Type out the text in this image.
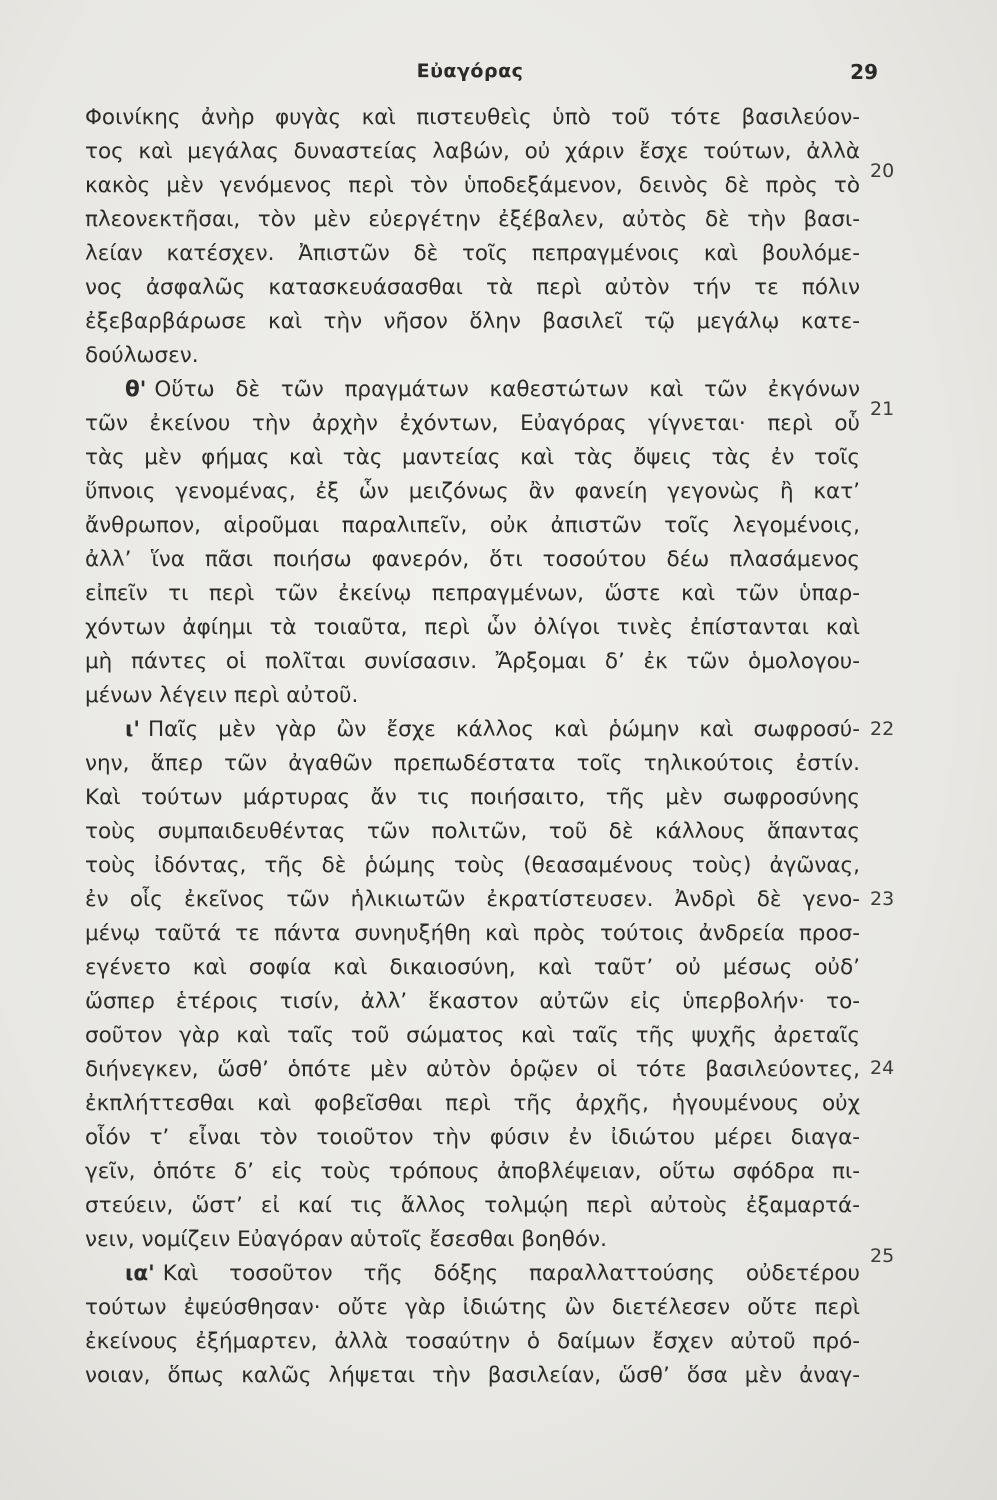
Εὐαγόρας	29
Φοινίκης ἀνὴρ φυγὰς καὶ πιστευθεὶς ὑπὸ τοῦ τότε βασιλεύον-
τος καὶ μεγάλας δυναστείας λαβών, οὐ χάριν ἔσχε τούτων, ἀλλὰ
κακὸς μὲν γενόμενος περὶ τὸν ὑποδεξάμενον, δεινὸς δὲ πρὸς τὸ
πλεονεκτῆσαι, τὸν μὲν εὐεργέτην ἐξέβαλεν, αὐτὸς δὲ τὴν βασι-
λείαν κατέσχεν. Ἀπιστῶν δὲ τοῖς πεπραγμένοις καὶ βουλόμε-
νος ἀσφαλῶς κατασκευάσασθαι τὰ περὶ αὐτὸν τήν τε πόλιν
ἐξεβαρβάρωσε καὶ τὴν νῆσον ὅλην βασιλεῖ τῷ μεγάλῳ κατε-
δούλωσεν.
θ' Οὕτω δὲ τῶν πραγμάτων καθεστώτων καὶ τῶν ἐκγόνων
τῶν ἐκείνου τὴν ἀρχὴν ἐχόντων, Εὐαγόρας γίγνεται· περὶ οὗ
τὰς μὲν φήμας καὶ τὰς μαντείας καὶ τὰς ὄψεις τὰς ἐν τοῖς
ὕπνοις γενομένας, ἐξ ὧν μειζόνως ἂν φανείη γεγονὼς ἢ κατ’
ἄνθρωπον, αἱροῦμαι παραλιπεῖν, οὐκ ἀπιστῶν τοῖς λεγομένοις,
ἀλλ’ ἵνα πᾶσι ποιήσω φανερόν, ὅτι τοσούτου δέω πλασάμενος
εἰπεῖν τι περὶ τῶν ἐκείνῳ πεπραγμένων, ὥστε καὶ τῶν ὑπαρ-
χόντων ἀφίημι τὰ τοιαῦτα, περὶ ὧν ὀλίγοι τινὲς ἐπίστανται καὶ
μὴ πάντες οἱ πολῖται συνίσασιν. Ἄρξομαι δ’ ἐκ τῶν ὁμολογου-
μένων λέγειν περὶ αὐτοῦ.
ι' Παῖς μὲν γὰρ ὢν ἔσχε κάλλος καὶ ῥώμην καὶ σωφροσύ-
νην, ἅπερ τῶν ἀγαθῶν πρεπωδέστατα τοῖς τηλικούτοις ἐστίν.
Καὶ τούτων μάρτυρας ἄν τις ποιήσαιτο, τῆς μὲν σωφροσύνης
τοὺς συμπαιδευθέντας τῶν πολιτῶν, τοῦ δὲ κάλλους ἅπαντας
τοὺς ἰδόντας, τῆς δὲ ῥώμης τοὺς (θεασαμένους τοὺς) ἀγῶνας,
ἐν οἷς ἐκεῖνος τῶν ἡλικιωτῶν ἐκρατίστευσεν. Ἀνδρὶ δὲ γενο-
μένῳ ταῦτά τε πάντα συνηυξήθη καὶ πρὸς τούτοις ἀνδρεία προσ-
εγένετο καὶ σοφία καὶ δικαιοσύνη, καὶ ταῦτ’ οὐ μέσως οὐδ’
ὥσπερ ἑτέροις τισίν, ἀλλ’ ἕκαστον αὐτῶν εἰς ὑπερβολήν· το-
σοῦτον γὰρ καὶ ταῖς τοῦ σώματος καὶ ταῖς τῆς ψυχῆς ἀρεταῖς
διήνεγκεν, ὥσθ’ ὁπότε μὲν αὐτὸν ὁρῷεν οἱ τότε βασιλεύοντες,
ἐκπλήττεσθαι καὶ φοβεῖσθαι περὶ τῆς ἀρχῆς, ἡγουμένους οὐχ
οἷόν τ’ εἶναι τὸν τοιοῦτον τὴν φύσιν ἐν ἰδιώτου μέρει διαγα-
γεῖν, ὁπότε δ’ εἰς τοὺς τρόπους ἀποβλέψειαν, οὕτω σφόδρα πι-
στεύειν, ὥστ’ εἰ καί τις ἄλλος τολμῴη περὶ αὐτοὺς ἐξαμαρτά-
νειν, νομίζειν Εὐαγόραν αὑτοῖς ἔσεσθαι βοηθόν.
ια' Καὶ τοσοῦτον τῆς δόξης παραλλαττούσης οὐδετέρου
τούτων ἐψεύσθησαν· οὔτε γὰρ ἰδιώτης ὢν διετέλεσεν οὔτε περὶ
ἐκείνους ἐξήμαρτεν, ἀλλὰ τοσαύτην ὁ δαίμων ἔσχεν αὐτοῦ πρό-
νοιαν, ὅπως καλῶς λήψεται τὴν βασιλείαν, ὥσθ’ ὅσα μὲν ἀναγ-
20
21
22
23
24
25
